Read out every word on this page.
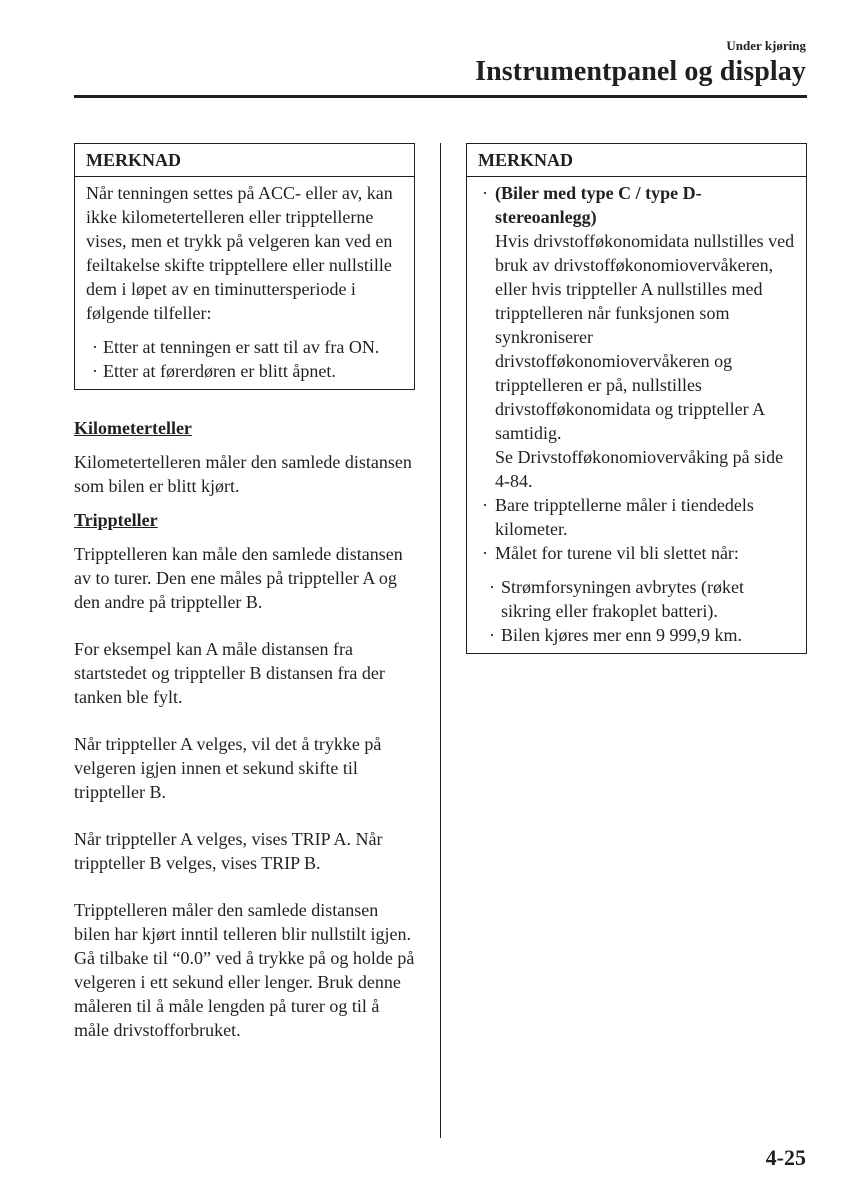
Under kjøring
Instrumentpanel og display
MERKNAD

Når tenningen settes på ACC- eller av, kan ikke kilometertelleren eller tripptellerne vises, men et trykk på velgeren kan ved en feiltakelse skifte tripptellere eller nullstille dem i løpet av en timinuttersperiode i følgende tilfeller:

· Etter at tenningen er satt til av fra ON.
· Etter at førerdøren er blitt åpnet.

Kilometerteller

Kilometertelleren måler den samlede distansen som bilen er blitt kjørt.

Trippteller

Tripptelleren kan måle den samlede distansen av to turer. Den ene måles på trippteller A og den andre på trippteller B.

For eksempel kan A måle distansen fra startstedet og trippteller B distansen fra der tanken ble fylt.

Når trippteller A velges, vil det å trykke på velgeren igjen innen et sekund skifte til trippteller B.

Når trippteller A velges, vises TRIP A. Når trippteller B velges, vises TRIP B.

Tripptelleren måler den samlede distansen bilen har kjørt inntil telleren blir nullstilt igjen. Gå tilbake til “0.0” ved å trykke på og holde på velgeren i ett sekund eller lenger. Bruk denne måleren til å måle lengden på turer og til å måle drivstofforbruket.

MERKNAD
· (Biler med type C / type D-stereoanlegg)
Hvis drivstofføkonomidata nullstilles ved bruk av drivstofføkonomiovervåkeren, eller hvis trippteller A nullstilles med tripptelleren når funksjonen som synkroniserer drivstofføkonomiovervåkeren og tripptelleren er på, nullstilles drivstofføkonomidata og trippteller A samtidig.
Se Drivstofføkonomiovervåking på side 4-84.
· Bare tripptellerne måler i tiendedels kilometer.
· Målet for turene vil bli slettet når:
· Strømforsyningen avbrytes (røket sikring eller frakoplet batteri).
· Bilen kjøres mer enn 9 999,9 km.
4-25
